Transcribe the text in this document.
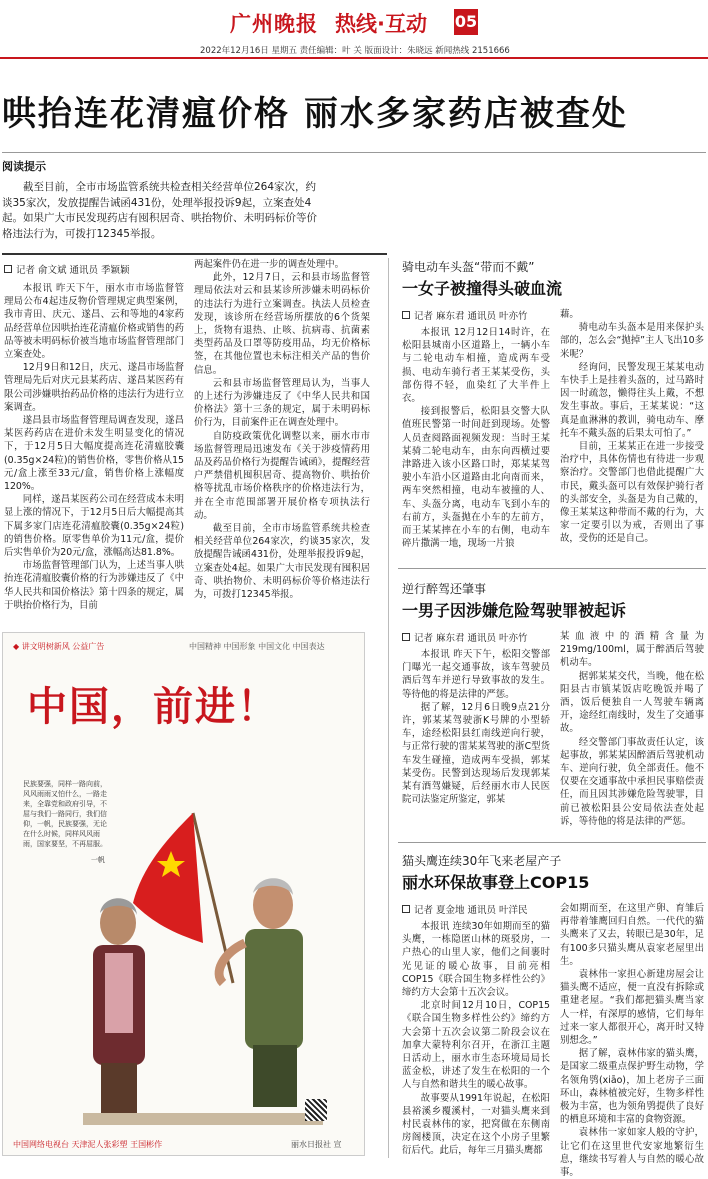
广州晚报 热线·互动 05
2022年12月16日 星期五 责任编辑：叶 关 版面设计：朱晓远 新闻热线 2151666
哄抬连花清瘟价格 丽水多家药店被查处
阅读提示
截至目前，全市市场监管系统共检查相关经营单位264家次，约谈35家次，发放提醒告诫函431份，处理举报投诉9起，立案查处4起。如果广大市民发现药店有囤积居奇、哄抬物价、未明码标价等价格违法行为，可拨打12345举报。
记者 俞文斌 通讯员 季颖颖

本报讯 昨天下午，丽水市市场监督管理局公布4起违反物价管理规定典型案例，我市青田、庆元、遂昌、云和等地的4家药品经营单位因哄抬连花清瘟价格或销售的药品等被未明码标价被当地市场监督管理部门立案查处。

12月9日和12日，庆元、遂昌市场监督管理局先后对庆元县某药店、遂昌某医药有限公司涉嫌哄抬药品价格的违法行为进行立案调查。

遂昌县市场监督管理局调查发现，遂昌某医药药店在进价未发生明显变化的情况下，于12月5日大幅度提高连花清瘟胶囊(0.35g×24粒)的销售价格，零售价格从15元/盒上涨至33元/盒，销售价格上涨幅度120%。

同样，遂昌某医药公司在经营成本未明显上涨的情况下，于12月5日后大幅提高其下属多家门店连花清瘟胶囊(0.35g×24粒)的销售价格。原零售单价为11元/盒，提价后实售单价为20元/盒，涨幅高达81.8%。

市场监督管理部门认为，上述当事人哄抬连花清瘟胶囊价格的行为涉嫌违反了《中华人民共和国价格法》第十四条的规定，属于哄抬价格行为，目前

两起案件仍在进一步的调查处理中。

此外，12月7日，云和县市场监督管理局依法对云和县某诊所涉嫌未明码标价的违法行为进行立案调查。执法人员检查发现，该诊所在经营场所摆放的6个货架上，货物有退热、止咳、抗病毒、抗菌素类型药品及口罩等防疫用品，均无价格标签，在其他位置也未标注相关产品的售价信息。

云和县市场监督管理局认为，当事人的上述行为涉嫌违反了《中华人民共和国价格法》第十三条的规定，属于未明码标价行为，目前案件正在调查处理中。

自防疫政策优化调整以来，丽水市市场监督管理局迅速发布《关于涉疫情药用品及药品价格行为提醒告诫函》，提醒经营户严禁借机囤积居奇、提高物价、哄抬价格等扰乱市场价格秩序的价格违法行为，并在全市范围部署开展价格专项执法行动。

截至目前，全市市场监管系统共检查相关经营单位264家次，约谈35家次，发放提醒告诫函431份，处理举报投诉9起，立案查处4起。如果广大市民发现有囤积居奇、哄抬物价、未明码标价等价格违法行为，可拨打12345举报。

骑电动车头盔“带而不戴”
一女子被撞得头破血流
记者 麻东君 通讯员 叶亦竹

本报讯 12月12日14时许，在松阳县城南小区道路上，一辆小车与二轮电动车相撞，造成两车受损、电动车骑行者王某某受伤，头部伤得不轻，血染红了大半件上衣。

接到报警后，松阳县交警大队值班民警第一时间赶到现场。处警人员查阅路面视频发现：当时王某某骑二轮电动车，由东向西横过要津路进入该小区路口时，郑某某驾驶小车沿小区道路由北向南而来，两车突然相撞，电动车被撞的人、车、头盔分离，电动车飞到小车的右前方，头盔抛在小车的左前方，而王某某摔在小车的右侧，电动车碎片撒满一地，现场一片狼

藉。

骑电动车头盔本是用来保护头部的，怎么会“抛掉”主人飞出10多米呢？

经询问，民警发现王某某电动车快手上是挂着头盔的，过马路时因一时疏忽，懒得往头上戴，不想发生事故。事后，王某某说：“这真是血淋淋的教训，骑电动车、摩托车不戴头盔的后果太可怕了。”

目前，王某某正在进一步接受治疗中，具体伤情也有待进一步观察治疗。交警部门也借此提醒广大市民，戴头盔可以有效保护骑行者的头部安全，头盔是为自己戴的，像王某某这种带而不戴的行为，大家一定要引以为戒，否则出了事故，受伤的还是自己。

逆行醉驾还肇事
一男子因涉嫌危险驾驶罪被起诉
记者 麻东君 通讯员 叶亦竹

本报讯 昨天下午，松阳交警部门曝光一起交通事故，该车驾驶员酒后驾车并逆行导致事故的发生。等待他的将是法律的严惩。

据了解，12月6日晚9点21分许，郭某某驾驶浙K号牌的小型轿车，途经松阳县红南线逆向行驶，与正常行驶的雷某某驾驶的浙C型货车发生碰撞，造成两车受损，郭某某受伤。民警到达现场后发现郭某某有酒驾嫌疑，后经丽水市人民医院司法鉴定所鉴定，郭某

某血液中的酒精含量为219mg/100ml，属于醉酒后驾驶机动车。

据郭某某交代，当晚，他在松阳县古市镇某饭店吃晚饭并喝了酒，饭后便独自一人驾驶车辆离开，途经红南线时，发生了交通事故。

经交警部门事故责任认定，该起事故，郭某某因醉酒后驾驶机动车、逆向行驶，负全部责任。他不仅要在交通事故中承担民事赔偿责任，而且因其涉嫌危险驾驶罪，目前已被松阳县公安局依法查处起诉，等待他的将是法律的严惩。

猫头鹰连续30年飞来老屋产子
丽水环保故事登上COP15
记者 夏金地 通讯员 叶洋民

本报讯 连续30年如期而至的猫头鹰，一栋隐匿山林的斑驳房，一户热心的山里人家，他们之间裹时光见证的暖心故事，目前亮相COP15《联合国生物多样性公约》缔约方大会第十五次会议。

北京时间12月10日，COP15《联合国生物多样性公约》缔约方大会第十五次会议第二阶段会议在加拿大蒙特利尔召开，在浙江主题日活动上，丽水市生态环境局局长蓝金松，讲述了发生在松阳的一个人与自然和谐共生的暖心故事。

故事要从1991年说起，在松阳县裕溪乡覆溪村，一对猫头鹰来到村民袁林伟的家，把窝做在东侧南房阁楼顶，决定在这个小房子里繁衍后代。此后，每年三月猫头鹰都

会如期而至，在这里产卵、育雏后再带着雏鹰回归自然。一代代的猫头鹰来了又去，转眼已是30年，足有100多只猫头鹰从袁家老屋里出生。

袁林伟一家担心新建房屋会让猫头鹰不适应，便一直没有拆除或重建老屋。“我们都把猫头鹰当家人一样，有深厚的感情，它们每年过来一家人都很开心，离开时又特别想念。”

据了解，袁林伟家的猫头鹰，是国家二级重点保护野生动物，学名领角鸮(xiāo)，加上老房子三面环山，森林植被完好，生物多样性极为丰富，也为领角鸮提供了良好的栖息环境和丰富的食物资源。

袁林伟一家如家人般的守护，让它们在这里世代安家地繁衍生息，继续书写着人与自然的暖心故事。

◆ 讲文明树新风 公益广告	中国精神 中国形象 中国文化 中国表达
中国，前进！
民族要强，同样一路向前，风风雨雨又怕什么，一路走来，全靠党和政府引导，不屈与我们一路同行，我们信仰，一帆，民族要强，无论在什么时候，同样风风雨雨，国家要坚，不再屈服。
一帆
中国网络电视台 天津泥人张彩塑 王国彬作	丽水日报社 宣
